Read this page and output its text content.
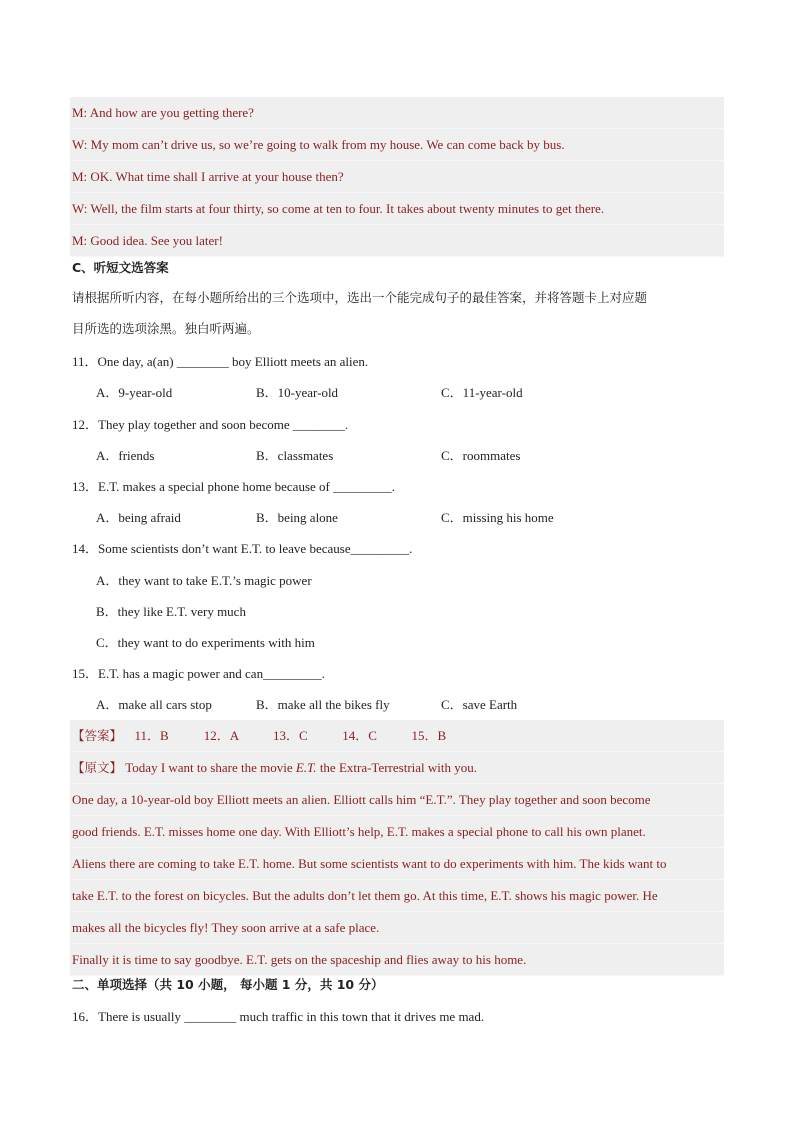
M: And how are you getting there?
W: My mom can’t drive us, so we’re going to walk from my house. We can come back by bus.
M: OK. What time shall I arrive at your house then?
W: Well, the film starts at four thirty, so come at ten to four. It takes about twenty minutes to get there.
M: Good idea. See you later!
C、听短文选答案
请根据所听内容，在每小题所给出的三个选项中，选出一个能完成句子的最佳答案，并将答题卡上对应题
目所选的选项涂黑。独白听两遍。
11．One day, a(an) ________ boy Elliott meets an alien.
A．9-year-old	B．10-year-old	C．11-year-old
12．They play together and soon become ________.
A．friends	B．classmates	C．roommates
13．E.T. makes a special phone home because of _________.
A．being afraid	B．being alone	C．missing his home
14．Some scientists don’t want E.T. to leave because_________.
A．they want to take E.T.’s magic power
B．they like E.T. very much
C．they want to do experiments with him
15．E.T. has a magic power and can_________.
A．make all cars stop	B．make all the bikes fly	C．save Earth
【答案】 11．B	12．A	13．C	14．C	15．B
【原文】 Today I want to share the movie E.T. the Extra-Terrestrial with you.
One day, a 10-year-old boy Elliott meets an alien. Elliott calls him “E.T.”. They play together and soon become
good friends. E.T. misses home one day. With Elliott’s help, E.T. makes a special phone to call his own planet.
Aliens there are coming to take E.T. home. But some scientists want to do experiments with him. The kids want to
take E.T. to the forest on bicycles. But the adults don’t let them go. At this time, E.T. shows his magic power. He
makes all the bicycles fly! They soon arrive at a safe place.
Finally it is time to say goodbye. E.T. gets on the spaceship and flies away to his home.
二、单项选择（共 10 小题， 每小题 1 分，共 10 分）
16．There is usually ________ much traffic in this town that it drives me mad.
